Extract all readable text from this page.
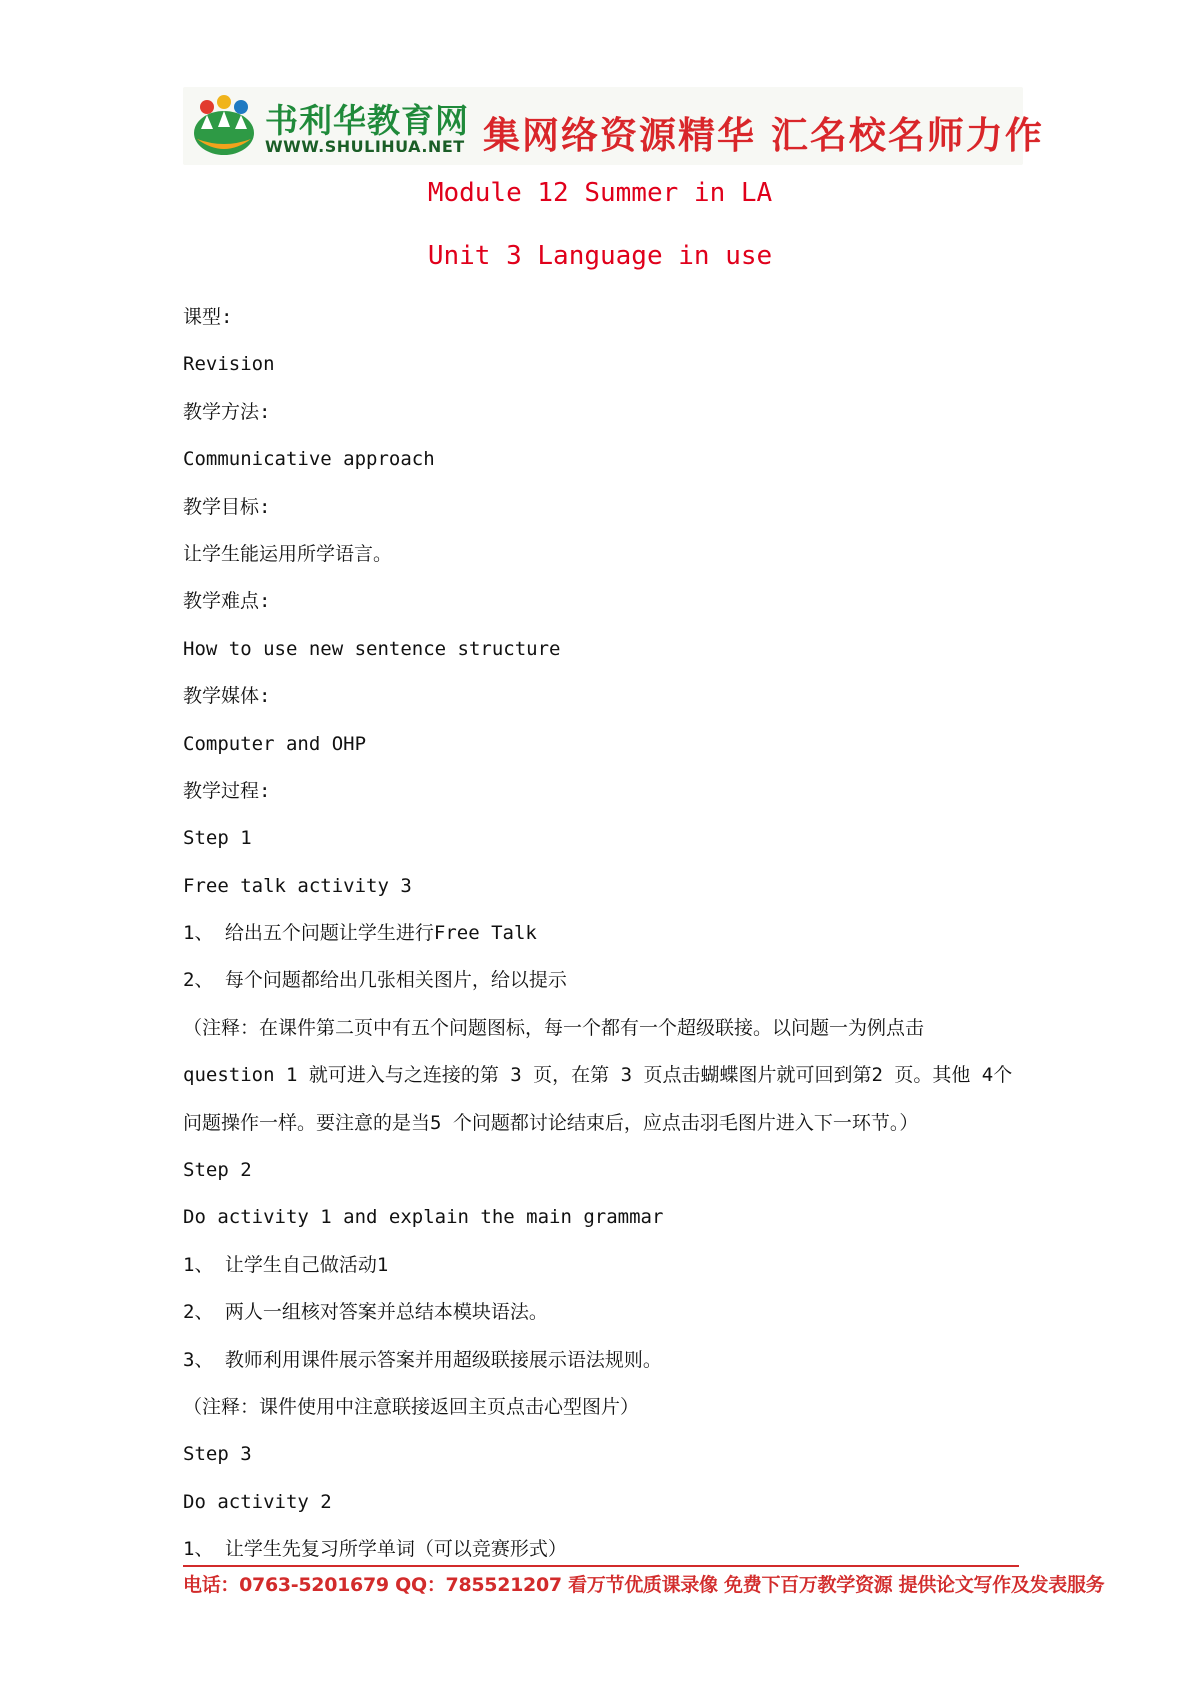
书利华教育网
WWW.SHULIHUA.NET 集网络资源精华 汇名校名师力作
Module 12 Summer in LA
Unit 3 Language in use
课型:
Revision
教学方法:
Communicative approach
教学目标:
让学生能运用所学语言。
教学难点:
How to use new sentence structure
教学媒体:
Computer and OHP
教学过程:
Step 1
Free talk activity 3
1、 给出五个问题让学生进行Free Talk
2、 每个问题都给出几张相关图片，给以提示
（注释：在课件第二页中有五个问题图标，每一个都有一个超级联接。以问题一为例点击
question 1 就可进入与之连接的第 3 页，在第 3 页点击蝴蝶图片就可回到第2 页。其他 4个
问题操作一样。要注意的是当5 个问题都讨论结束后，应点击羽毛图片进入下一环节。）
Step 2
Do activity 1 and explain the main grammar
1、 让学生自己做活动1
2、 两人一组核对答案并总结本模块语法。
3、 教师利用课件展示答案并用超级联接展示语法规则。
（注释：课件使用中注意联接返回主页点击心型图片）
Step 3
Do activity 2
1、 让学生先复习所学单词（可以竞赛形式）
电话：0763-5201679 QQ：785521207 看万节优质课录像 免费下百万教学资源 提供论文写作及发表服务
